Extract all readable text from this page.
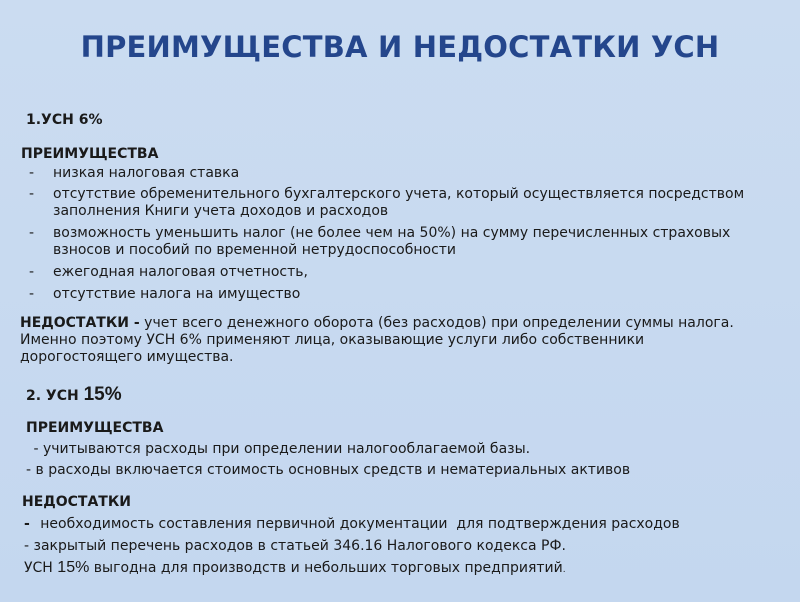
ПРЕИМУЩЕСТВА И НЕДОСТАТКИ УСН
1.УСН 6%
ПРЕИМУЩЕСТВА
- низкая налоговая ставка
- отсутствие обременительного бухгалтерского учета, который осуществляется посредством
заполнения Книги учета доходов и расходов
- возможность уменьшить налог (не более чем на 50%) на сумму перечисленных страховых
взносов и пособий по временной нетрудоспособности
- ежегодная налоговая отчетность,
- отсутствие налога на имущество
НЕДОСТАТКИ - учет всего денежного оборота (без расходов) при определении суммы налога.
Именно поэтому УСН 6% применяют лица, оказывающие услуги либо собственники
дорогостоящего имущества.
2. УСН 15%
ПРЕИМУЩЕСТВА
- учитываются расходы при определении налогооблагаемой базы.
- в расходы включается стоимость основных средств и нематериальных активов
НЕДОСТАТКИ
- необходимость составления первичной документации  для подтверждения расходов
- закрытый перечень расходов в статьей 346.16 Налогового кодекса РФ.
УСН 15% выгодна для производств и небольших торговых предприятий.
